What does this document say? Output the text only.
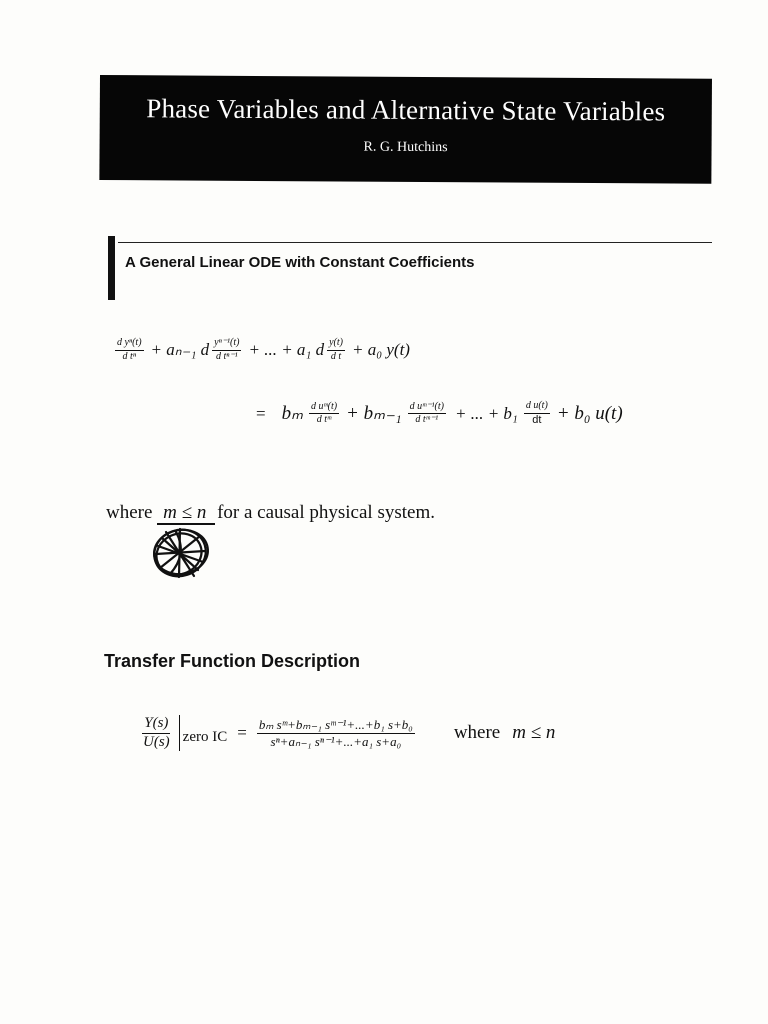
Phase Variables and Alternative State Variables
R. G. Hutchins
A General Linear ODE with Constant Coefficients
$\frac{\text{d yⁿ(t)}}{\text{d tⁿ}} + a_{n-1}$ d $\frac{\text{yⁿ⁻¹(t)}}{\text{d tⁿ⁻¹}}$ + ... + a₁ d $\frac{y(t)}{\text{d t}} + a_0$ y(t)
= bₘ $\frac{\text{d uᵐ(t)}}{\text{d tᵐ}} + b_{m-1} \frac{\text{d uᵐ⁻¹(t)}}{\text{d tᵐ⁻¹}}$ + ... + $b_1 \frac{\text{d u(t)}}{dt} + b_0$ u(t)
where m ≤ n for a causal physical system.
Transfer Function Description
$\frac{Y(s)}{U(s)}$ zero IC = $\frac{\text{bₘ sᵐ+bₘ₋₁ sᵐ⁻¹+...+b₁ s+b₀}}{\text{sⁿ+aₙ₋₁ sⁿ⁻¹+...+a₁ s+a₀}}$ where m ≤ n
